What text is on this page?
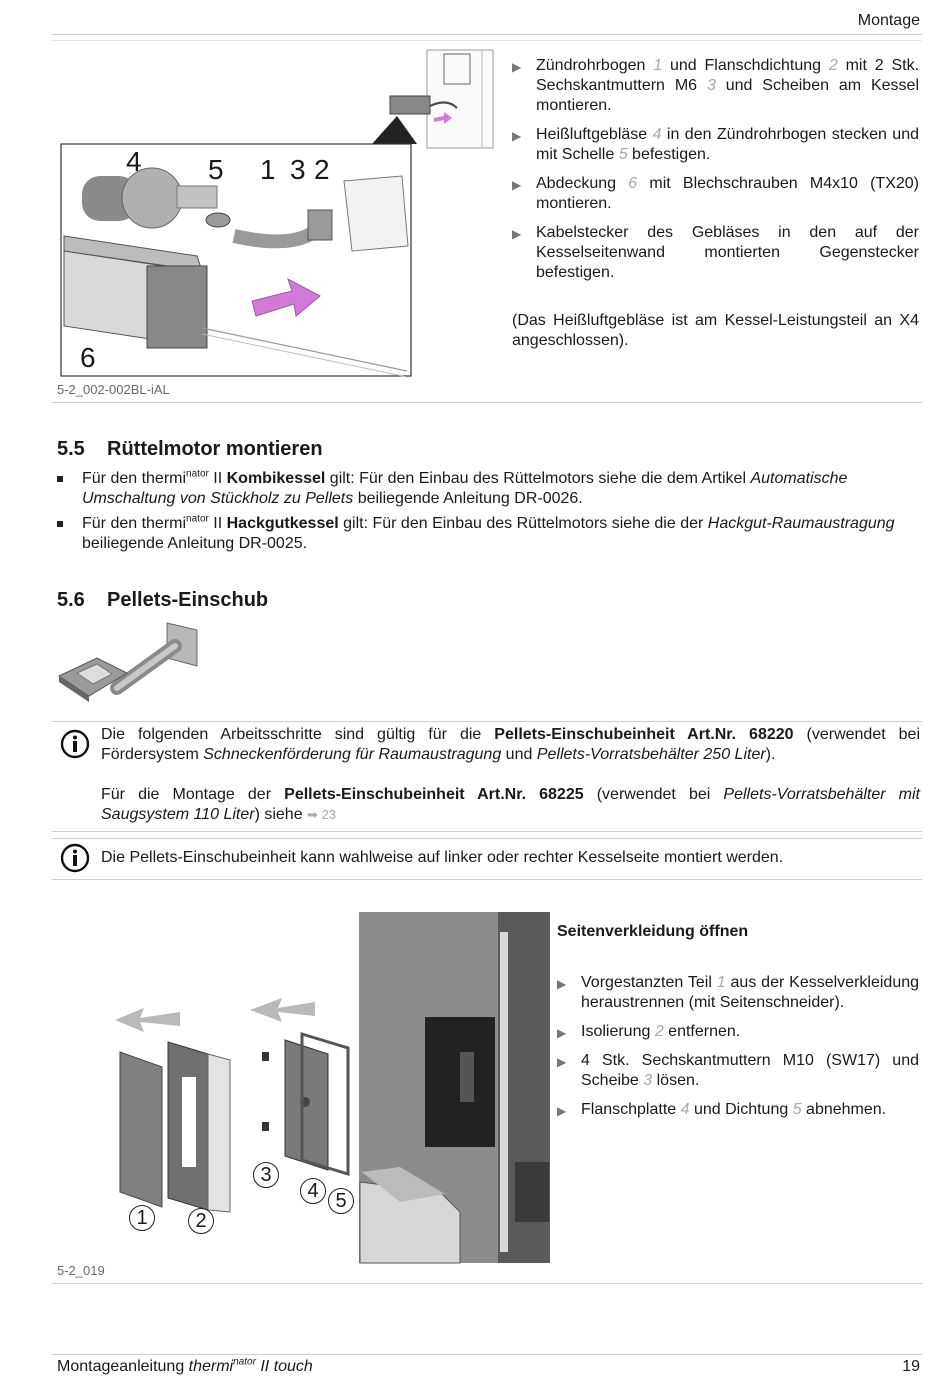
Montage
4 5 1 3 2
6
5-2_002-002BL-iAL
▶ Zündrohrbogen 1 und Flanschdichtung 2 mit 2 Stk. Sechskantmuttern M6 3 und Scheiben am Kessel montieren.
▶ Heißluftgebläse 4 in den Zündrohrbogen stecken und mit Schelle 5 befestigen.
▶ Abdeckung 6 mit Blechschrauben M4x10 (TX20) montieren.
▶ Kabelstecker des Gebläses in den auf der Kesselseitenwand montierten Gegenstecker befestigen.
(Das Heißluftgebläse ist am Kessel-Leistungsteil an X4 angeschlossen).
5.5 Rüttelmotor montieren
Für den thermi$^{nator}$ II Kombikessel gilt: Für den Einbau des Rüttelmotors siehe die dem Artikel Automatische Umschaltung von Stückholz zu Pellets beiliegende Anleitung DR-0026.
Für den thermi$^{nator}$ II Hackgutkessel gilt: Für den Einbau des Rüttelmotors siehe die der Hackgut-Raumaustragung beiliegende Anleitung DR-0025.
5.6 Pellets-Einschub
Die folgenden Arbeitsschritte sind gültig für die Pellets-Einschubeinheit Art.Nr. 68220 (verwendet bei Fördersystem Schneckenförderung für Raumaustragung und Pellets-Vorratsbehälter 250 Liter).
Für die Montage der Pellets-Einschubeinheit Art.Nr. 68225 (verwendet bei Pellets-Vorratsbehälter mit Saugsystem 110 Liter) siehe ➡ 23
Die Pellets-Einschubeinheit kann wahlweise auf linker oder rechter Kesselseite montiert werden.
1	2
3
4 5
5-2_019
Seitenverkleidung öffnen
▶ Vorgestanzten Teil 1 aus der Kesselverkleidung heraustrennen (mit Seitenschneider).
▶ Isolierung 2 entfernen.
▶ 4 Stk. Sechskantmuttern M10 (SW17) und Scheibe 3 lösen.
▶ Flanschplatte 4 und Dichtung 5 abnehmen.
Montageanleitung thermi$^{nator}$ II touch	19
